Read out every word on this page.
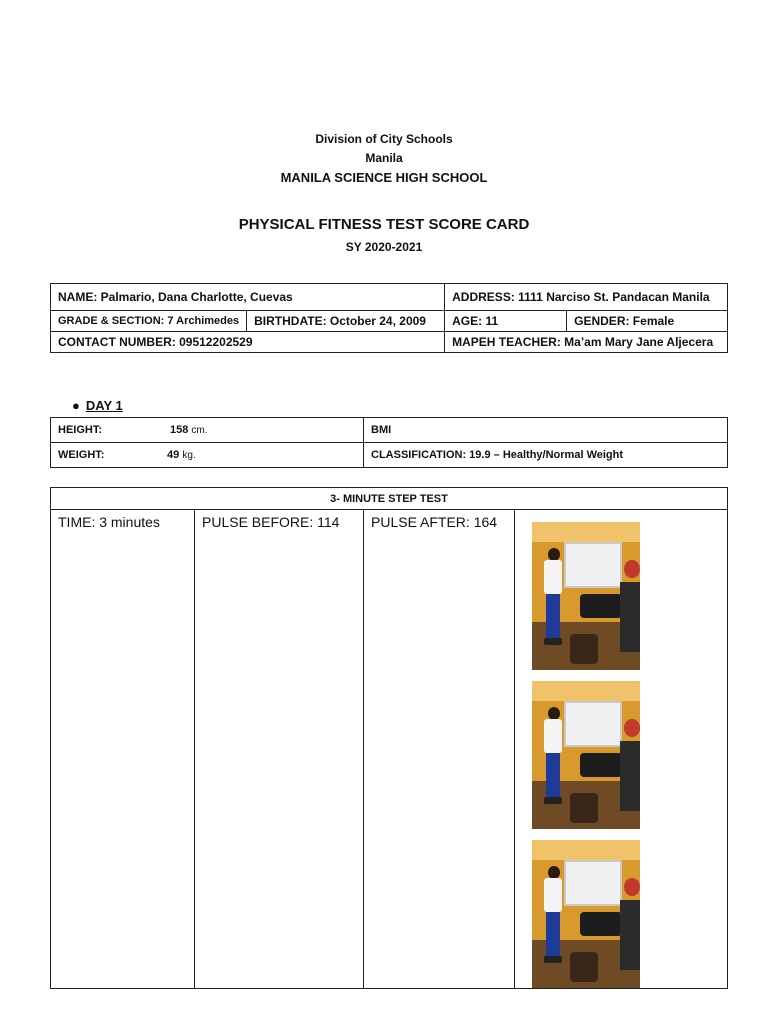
Division of City Schools
Manila
MANILA SCIENCE HIGH SCHOOL
PHYSICAL FITNESS TEST SCORE CARD
SY 2020-2021
NAME: Palmario, Dana Charlotte, Cuevas		ADDRESS: 1111 Narciso St. Pandacan Manila	
GRADE & SECTION: 7 Archimedes	BIRTHDATE: October 24, 2009	AGE: 11	GENDER: Female
CONTACT NUMBER: 09512202529		MAPEH TEACHER: Ma’am Mary Jane Aljecera	
● DAY 1
HEIGHT: 158 cm.	BMI
WEIGHT: 49 kg.	CLASSIFICATION: 19.9 – Healthy/Normal Weight
3- MINUTE STEP TEST
TIME: 3 minutes	PULSE BEFORE: 114	PULSE AFTER: 164	
